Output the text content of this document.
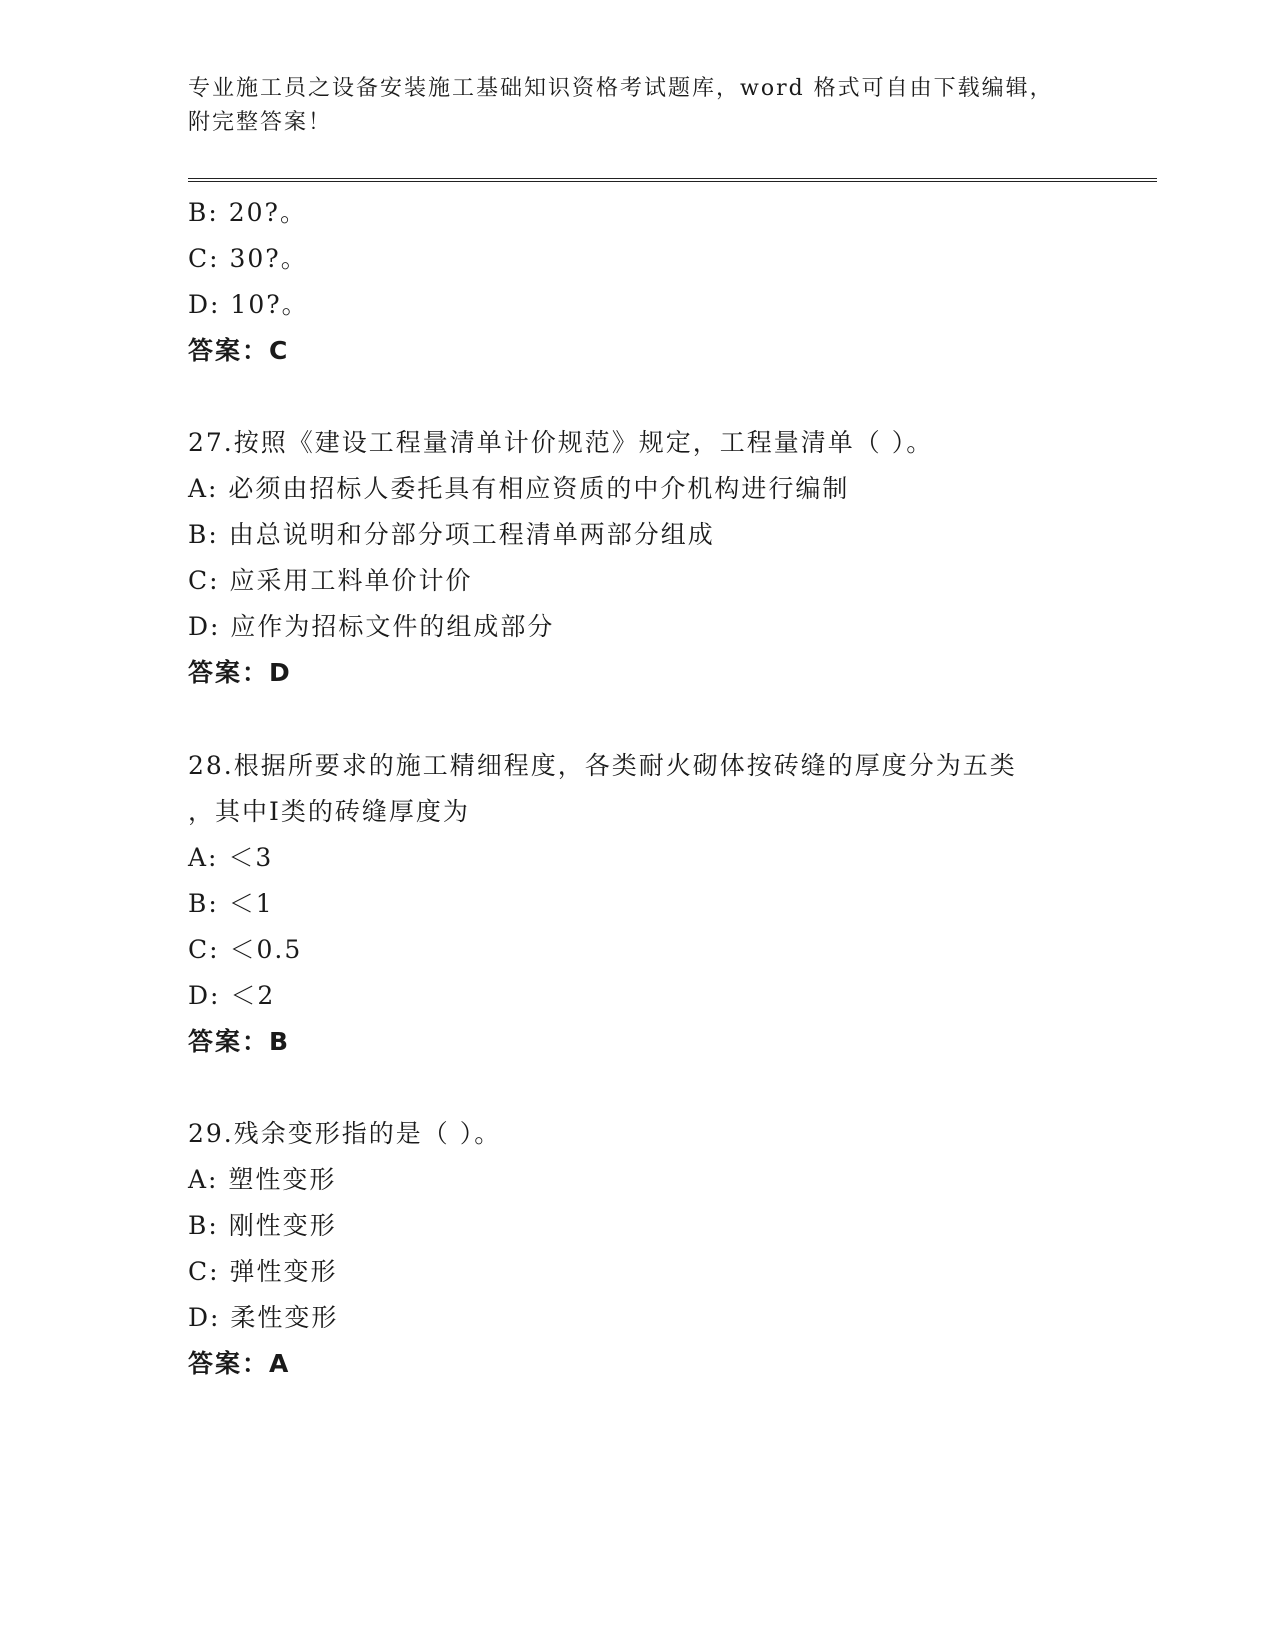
专业施工员之设备安装施工基础知识资格考试题库，word 格式可自由下载编辑，
附完整答案！
B: 20?。
C: 30?。
D: 10?。
答案：C
27.按照《建设工程量清单计价规范》规定，工程量清单（ ）。
A: 必须由招标人委托具有相应资质的中介机构进行编制
B: 由总说明和分部分项工程清单两部分组成
C: 应采用工料单价计价
D: 应作为招标文件的组成部分
答案：D
28.根据所要求的施工精细程度，各类耐火砌体按砖缝的厚度分为五类
，其中Ⅰ类的砖缝厚度为
A: ＜3
B: ＜1
C: ＜0.5
D: ＜2
答案：B
29.残余变形指的是（ ）。
A: 塑性变形
B: 刚性变形
C: 弹性变形
D: 柔性变形
答案：A
